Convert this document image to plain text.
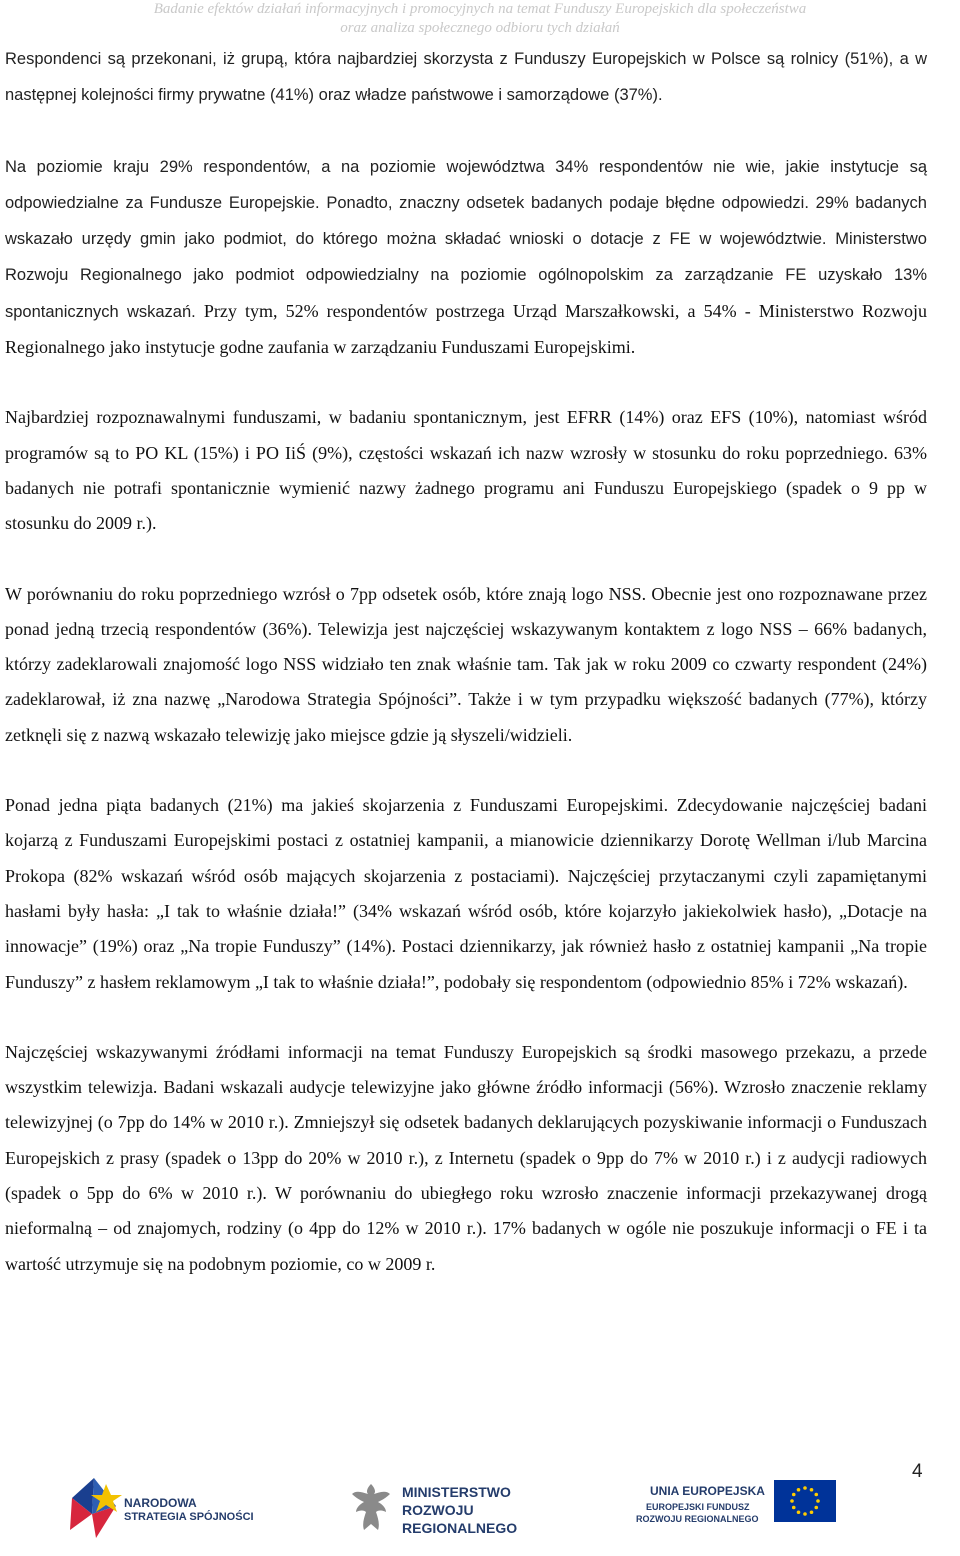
Badanie efektów działań informacyjnych i promocyjnych na temat Funduszy Europejskich dla społeczeństwa
oraz analiza społecznego odbioru tych działań

Respondenci są przekonani, iż grupą, która najbardziej skorzysta z Funduszy Europejskich w Polsce są rolnicy (51%), a w następnej kolejności firmy prywatne (41%) oraz władze państwowe i samorządowe (37%).

Na poziomie kraju 29% respondentów, a na poziomie województwa 34% respondentów nie wie, jakie instytucje są odpowiedzialne za Fundusze Europejskie. Ponadto, znaczny odsetek badanych podaje błędne odpowiedzi. 29% badanych wskazało urzędy gmin jako podmiot, do którego można składać wnioski o dotacje z FE w województwie. Ministerstwo Rozwoju Regionalnego jako podmiot odpowiedzialny na poziomie ogólnopolskim za zarządzanie FE uzyskało 13% spontanicznych wskazań. Przy tym, 52% respondentów postrzega Urząd Marszałkowski, a 54% - Ministerstwo Rozwoju Regionalnego jako instytucje godne zaufania w zarządzaniu Funduszami Europejskimi.

Najbardziej rozpoznawalnymi funduszami, w badaniu spontanicznym, jest EFRR (14%) oraz EFS (10%), natomiast wśród programów są to PO KL (15%) i PO IiŚ (9%), częstości wskazań ich nazw wzrosły w stosunku do roku poprzedniego. 63% badanych nie potrafi spontanicznie wymienić nazwy żadnego programu ani Funduszu Europejskiego (spadek o 9 pp w stosunku do 2009 r.).

W porównaniu do roku poprzedniego wzrósł o 7pp odsetek osób, które znają logo NSS. Obecnie jest ono rozpoznawane przez ponad jedną trzecią respondentów (36%). Telewizja jest najczęściej wskazywanym kontaktem z logo NSS – 66% badanych, którzy zadeklarowali znajomość logo NSS widziało ten znak właśnie tam. Tak jak w roku 2009 co czwarty respondent (24%) zadeklarował, iż zna nazwę „Narodowa Strategia Spójności”. Także i w tym przypadku większość badanych (77%), którzy zetknęli się z nazwą wskazało telewizję jako miejsce gdzie ją słyszeli/widzieli.

Ponad jedna piąta badanych (21%) ma jakieś skojarzenia z Funduszami Europejskimi. Zdecydowanie najczęściej badani kojarzą z Funduszami Europejskimi postaci z ostatniej kampanii, a mianowicie dziennikarzy Dorotę Wellman i/lub Marcina Prokopa (82% wskazań wśród osób mających skojarzenia z postaciami). Najczęściej przytaczanymi czyli zapamiętanymi hasłami były hasła: „I tak to właśnie działa!” (34% wskazań wśród osób, które kojarzyło jakiekolwiek hasło), „Dotacje na innowacje” (19%) oraz „Na tropie Funduszy” (14%). Postaci dziennikarzy, jak również hasło z ostatniej kampanii „Na tropie Funduszy” z hasłem reklamowym „I tak to właśnie działa!”, podobały się respondentom (odpowiednio 85% i 72% wskazań).

Najczęściej wskazywanymi źródłami informacji na temat Funduszy Europejskich są środki masowego przekazu, a przede wszystkim telewizja. Badani wskazali audycje telewizyjne jako główne źródło informacji (56%). Wzrosło znaczenie reklamy telewizyjnej (o 7pp do 14% w 2010 r.). Zmniejszył się odsetek badanych deklarujących pozyskiwanie informacji o Funduszach Europejskich z prasy (spadek o 13pp do 20% w 2010 r.), z Internetu (spadek o 9pp do 7% w 2010 r.) i z audycji radiowych (spadek o 5pp do 6% w 2010 r.). W porównaniu do ubiegłego roku wzrosło znaczenie informacji przekazywanej drogą nieformalną – od znajomych, rodziny (o 4pp do 12% w 2010 r.). 17% badanych w ogóle nie poszukuje informacji o FE i ta wartość utrzymuje się na podobnym poziomie, co w 2009 r.

4
NARODOWA
STRATEGIA SPÓJNOŚCI
MINISTERSTWO
ROZWOJU
REGIONALNEGO
UNIA EUROPEJSKA
EUROPEJSKI FUNDUSZ
ROZWOJU REGIONALNEGO
